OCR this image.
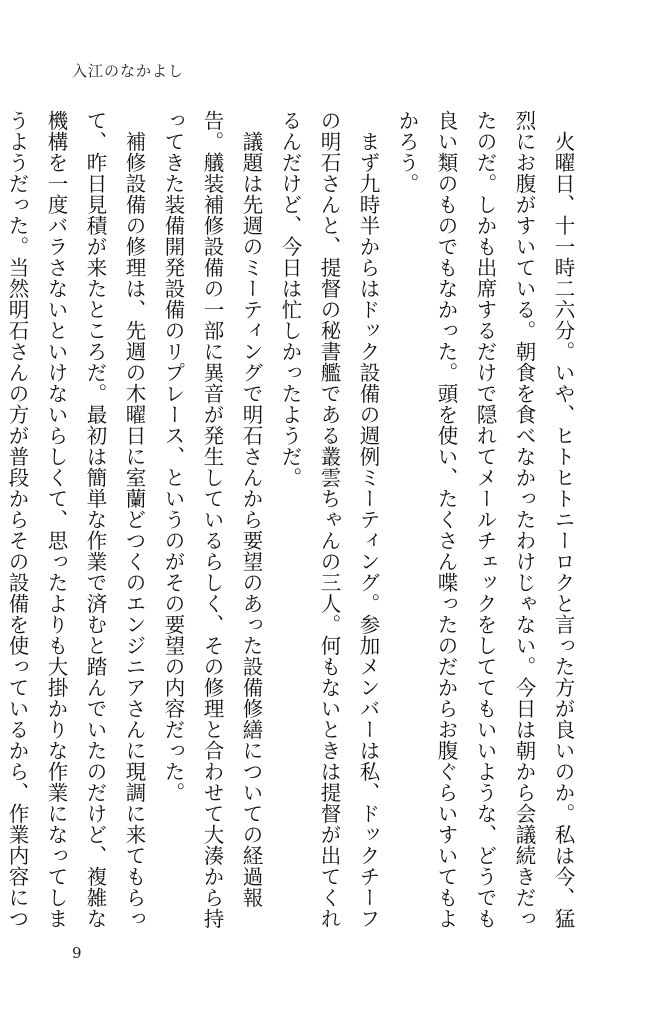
入江のなかよし

火曜日、十一時二六分。いや、ヒトヒトニーロクと言った方が良いのか。私は今、猛烈にお腹がすいている。朝食を食べなかったわけじゃない。今日は朝から会議続きだったのだ。しかも出席するだけで隠れてメールチェックをしててもいいような、どうでも良い類のものでもなかった。頭を使い、たくさん喋ったのだからお腹ぐらいすいてもよかろう。

まず九時半からはドック設備の週例ミーティング。参加メンバーは私、ドックチーフの明石さんと、提督の秘書艦である叢雲ちゃんの三人。何もないときは提督が出てくれるんだけど、今日は忙しかったようだ。

議題は先週のミーティングで明石さんから要望のあった設備修繕についての経過報告。艤装補修設備の一部に異音が発生しているらしく、その修理と合わせて大湊から持ってきた装備開発設備のリプレース、というのがその要望の内容だった。

補修設備の修理は、先週の木曜日に室蘭どつくのエンジニアさんに現調に来てもらって、昨日見積が来たところだ。最初は簡単な作業で済むと踏んでいたのだけど、複雑な機構を一度バラさないといけないらしくて、思ったよりも大掛かりな作業になってしまうようだった。当然明石さんの方が普段からその設備を使っているから、作業内容につ

9
